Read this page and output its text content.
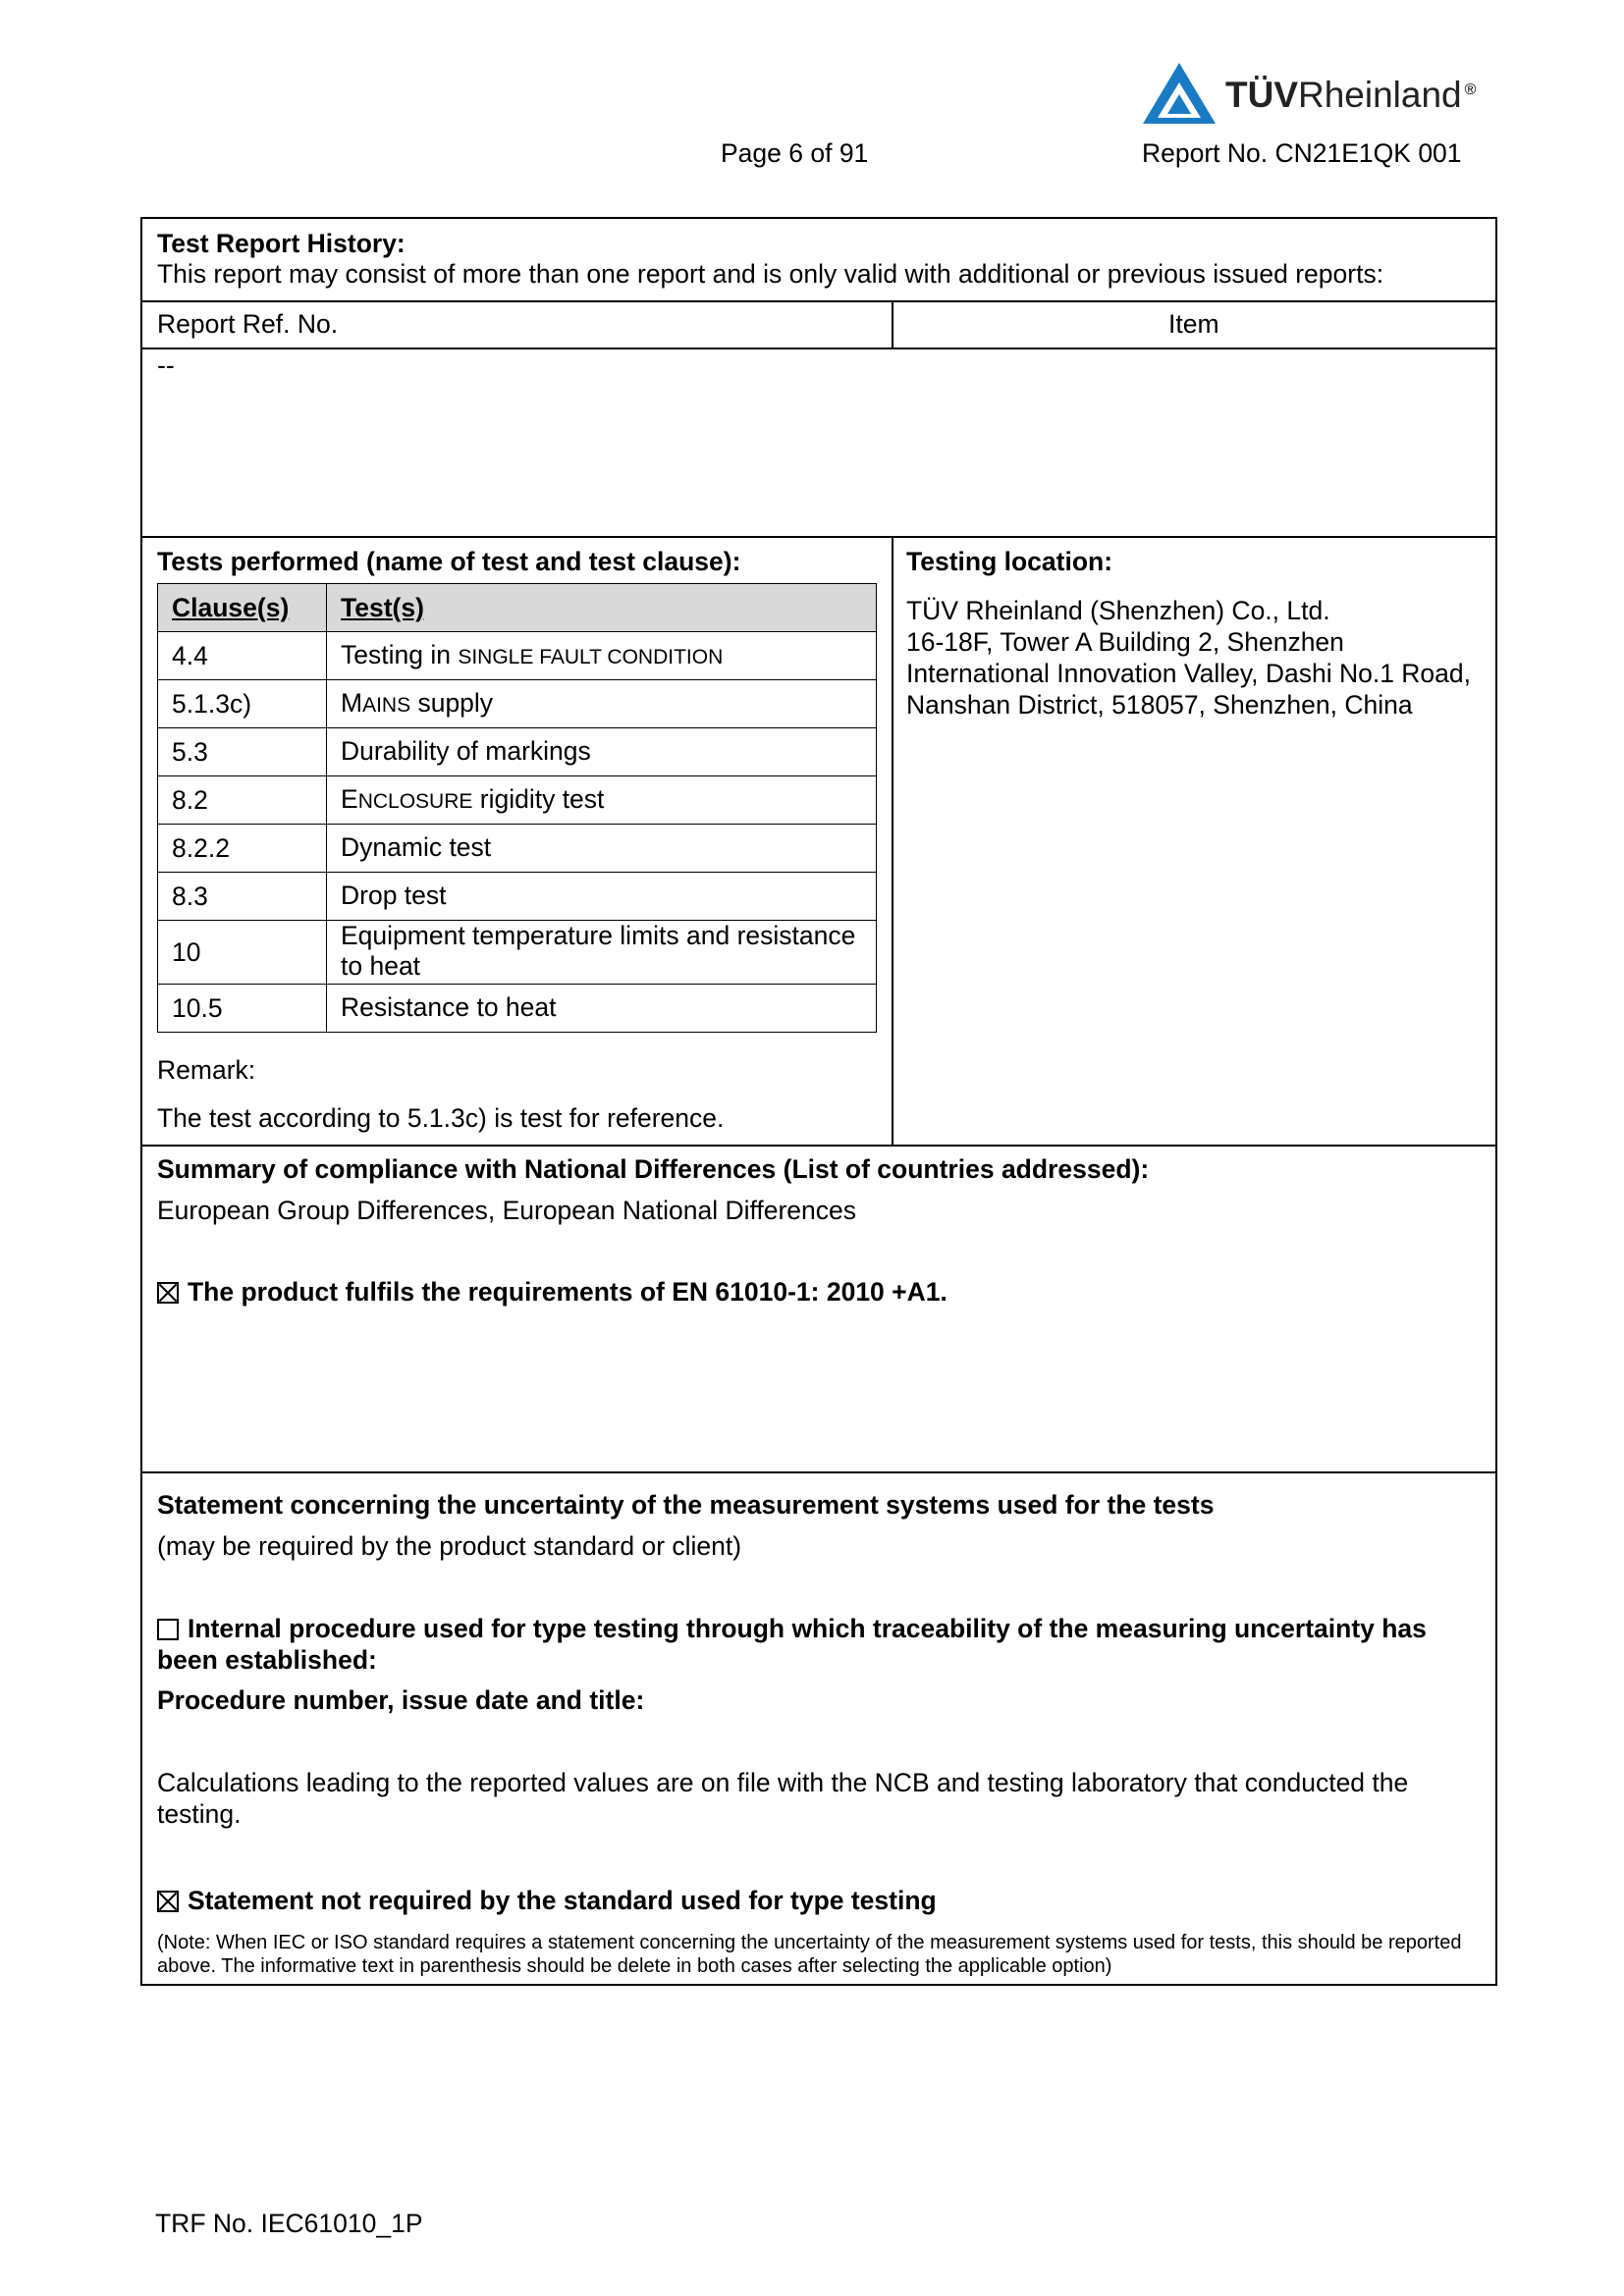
TÜVRheinland ®
Page 6 of 91	Report No. CN21E1QK 001
Test Report History:
This report may consist of more than one report and is only valid with additional or previous issued reports:
Report Ref. No.	Item
--
Tests performed (name of test and test clause):
Clause(s)	Test(s)
4.4	Testing in SINGLE FAULT CONDITION
5.1.3c)	MAINS supply
5.3	Durability of markings
8.2	ENCLOSURE rigidity test
8.2.2	Dynamic test
8.3	Drop test
10	Equipment temperature limits and resistance to heat
10.5	Resistance to heat
Remark:
The test according to 5.1.3c) is test for reference.
Testing location:
TÜV Rheinland (Shenzhen) Co., Ltd.
16-18F, Tower A Building 2, Shenzhen International Innovation Valley, Dashi No.1 Road, Nanshan District, 518057, Shenzhen, China
Summary of compliance with National Differences (List of countries addressed):
European Group Differences, European National Differences
The product fulfils the requirements of EN 61010-1: 2010 +A1.
Statement concerning the uncertainty of the measurement systems used for the tests
(may be required by the product standard or client)
Internal procedure used for type testing through which traceability of the measuring uncertainty has been established:
Procedure number, issue date and title:
Calculations leading to the reported values are on file with the NCB and testing laboratory that conducted the testing.
Statement not required by the standard used for type testing
(Note: When IEC or ISO standard requires a statement concerning the uncertainty of the measurement systems used for tests, this should be reported above. The informative text in parenthesis should be delete in both cases after selecting the applicable option)
TRF No. IEC61010_1P
